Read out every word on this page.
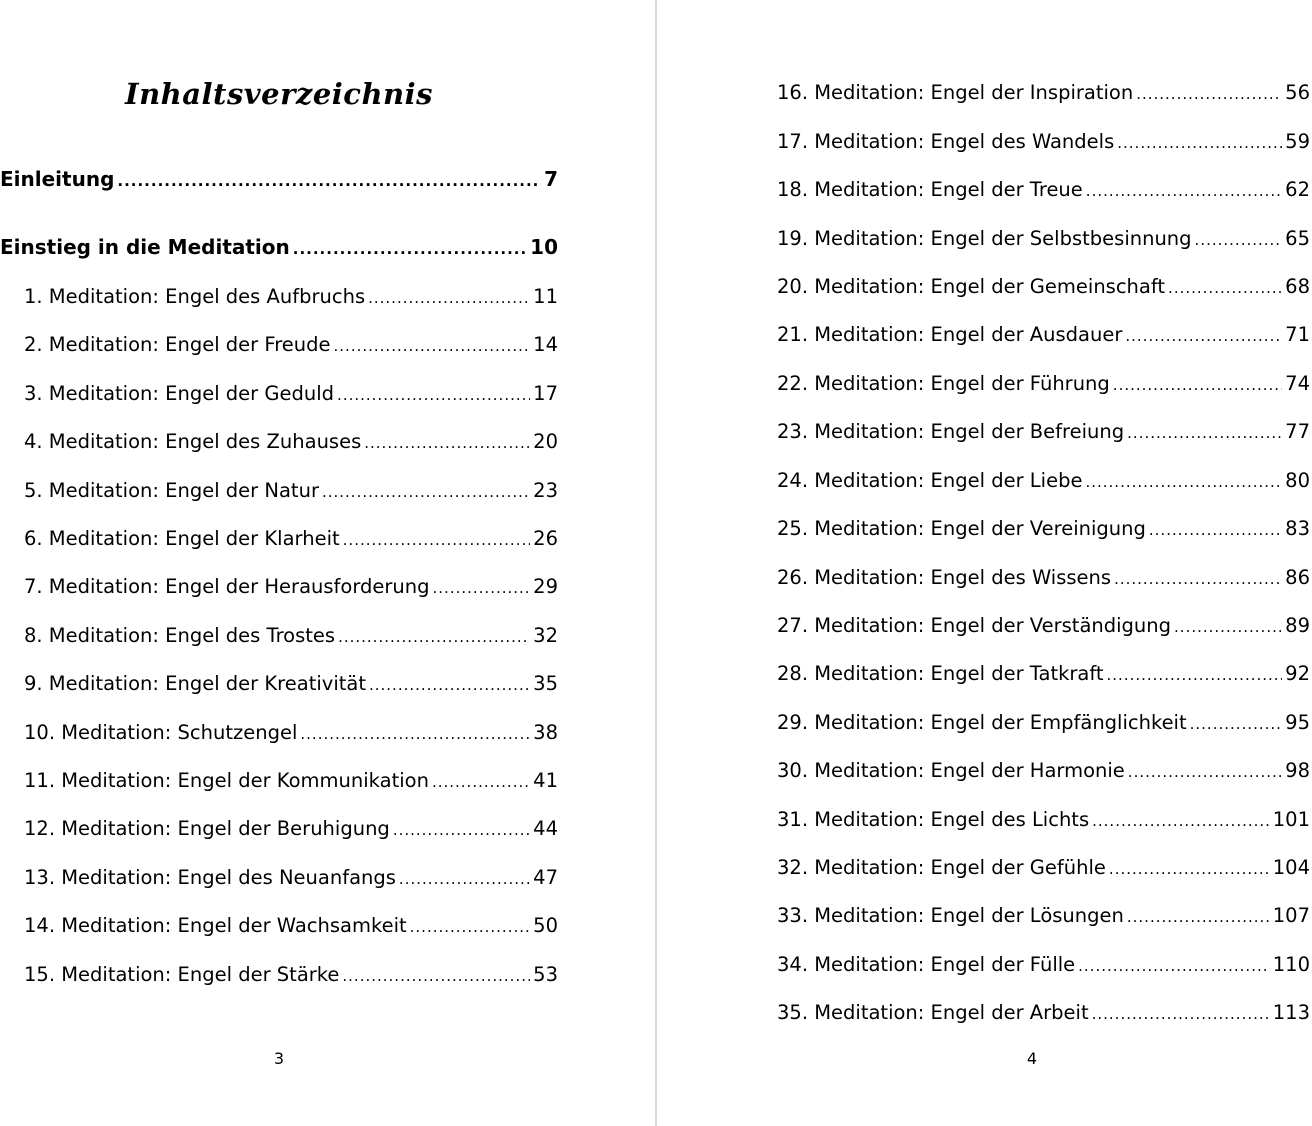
Inhaltsverzeichnis
Einleitung .....	7
Einstieg in die Meditation .....	10
1. Meditation: Engel des Aufbruchs .....	11
2. Meditation: Engel der Freude .....	14
3. Meditation: Engel der Geduld .....	17
4. Meditation: Engel des Zuhauses .....	20
5. Meditation: Engel der Natur .....	23
6. Meditation: Engel der Klarheit .....	26
7. Meditation: Engel der Herausforderung .....	29
8. Meditation: Engel des Trostes .....	32
9. Meditation: Engel der Kreativität .....	35
10. Meditation: Schutzengel .....	38
11. Meditation: Engel der Kommunikation .....	41
12. Meditation: Engel der Beruhigung .....	44
13. Meditation: Engel des Neuanfangs .....	47
14. Meditation: Engel der Wachsamkeit .....	50
15. Meditation: Engel der Stärke .....	53
3
16. Meditation: Engel der Inspiration .....	56
17. Meditation: Engel des Wandels .....	59
18. Meditation: Engel der Treue .....	62
19. Meditation: Engel der Selbstbesinnung .....	65
20. Meditation: Engel der Gemeinschaft .....	68
21. Meditation: Engel der Ausdauer .....	71
22. Meditation: Engel der Führung .....	74
23. Meditation: Engel der Befreiung .....	77
24. Meditation: Engel der Liebe .....	80
25. Meditation: Engel der Vereinigung .....	83
26. Meditation: Engel des Wissens .....	86
27. Meditation: Engel der Verständigung .....	89
28. Meditation: Engel der Tatkraft .....	92
29. Meditation: Engel der Empfänglichkeit .....	95
30. Meditation: Engel der Harmonie .....	98
31. Meditation: Engel des Lichts .....	101
32. Meditation: Engel der Gefühle .....	104
33. Meditation: Engel der Lösungen .....	107
34. Meditation: Engel der Fülle .....	110
35. Meditation: Engel der Arbeit .....	113
4
